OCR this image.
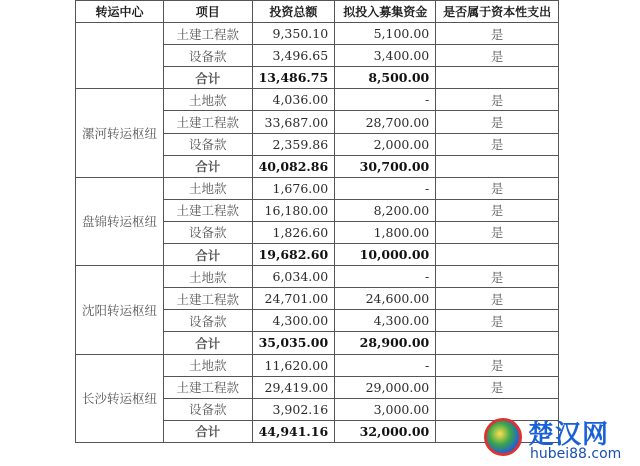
转运中心	项目	投资总额	拟投入募集资金	是否属于资本性支出
	土建工程款	9,350.10	5,100.00	是
	设备款	3,496.65	3,400.00	是
	合计	13,486.75	8,500.00	
漯河转运枢纽	土地款	4,036.00	-	是
	土建工程款	33,687.00	28,700.00	是
	设备款	2,359.86	2,000.00	是
	合计	40,082.86	30,700.00	
盘锦转运枢纽	土地款	1,676.00	-	是
	土建工程款	16,180.00	8,200.00	是
	设备款	1,826.60	1,800.00	是
	合计	19,682.60	10,000.00	
沈阳转运枢纽	土地款	6,034.00	-	是
	土建工程款	24,701.00	24,600.00	是
	设备款	4,300.00	4,300.00	是
	合计	35,035.00	28,900.00	
长沙转运枢纽	土地款	11,620.00	-	是
	土建工程款	29,419.00	29,000.00	是
	设备款	3,902.16	3,000.00	
	合计	44,941.16	32,000.00		楚汉网
hubei88.com
